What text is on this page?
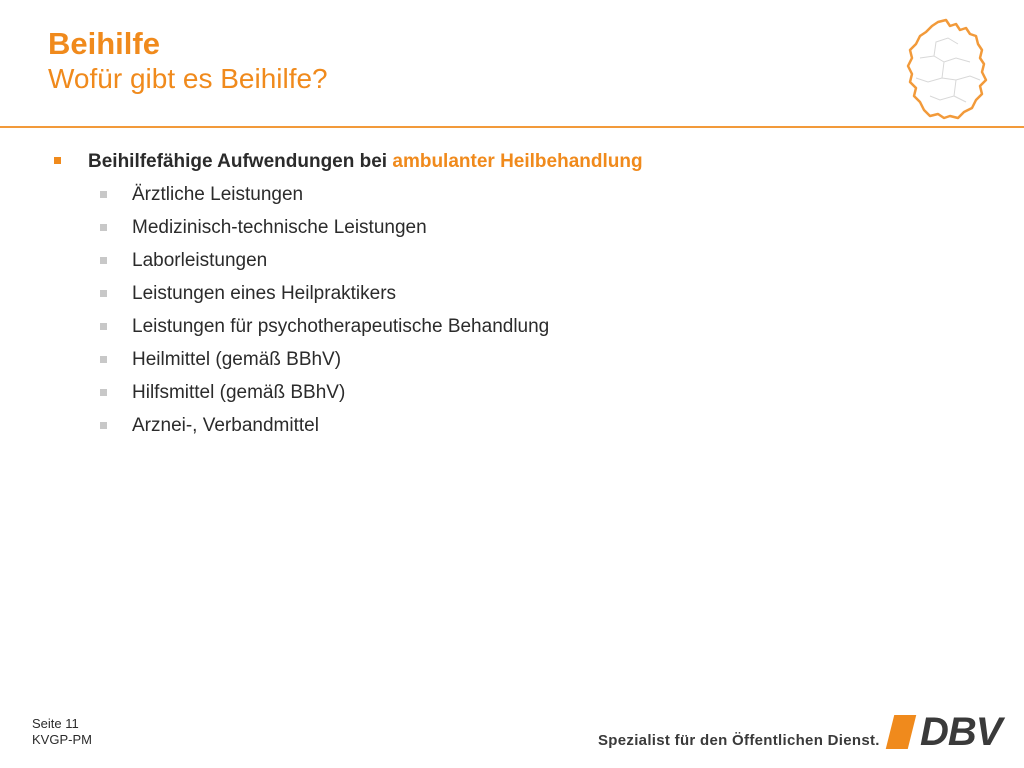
Beihilfe
Wofür gibt es Beihilfe?
Beihilfefähige Aufwendungen bei ambulanter Heilbehandlung
Ärztliche Leistungen
Medizinisch-technische Leistungen
Laborleistungen
Leistungen eines Heilpraktikers
Leistungen für psychotherapeutische Behandlung
Heilmittel (gemäß BBhV)
Hilfsmittel (gemäß BBhV)
Arznei-, Verbandmittel
Seite 11
KVGP-PM	Spezialist für den Öffentlichen Dienst. DBV
